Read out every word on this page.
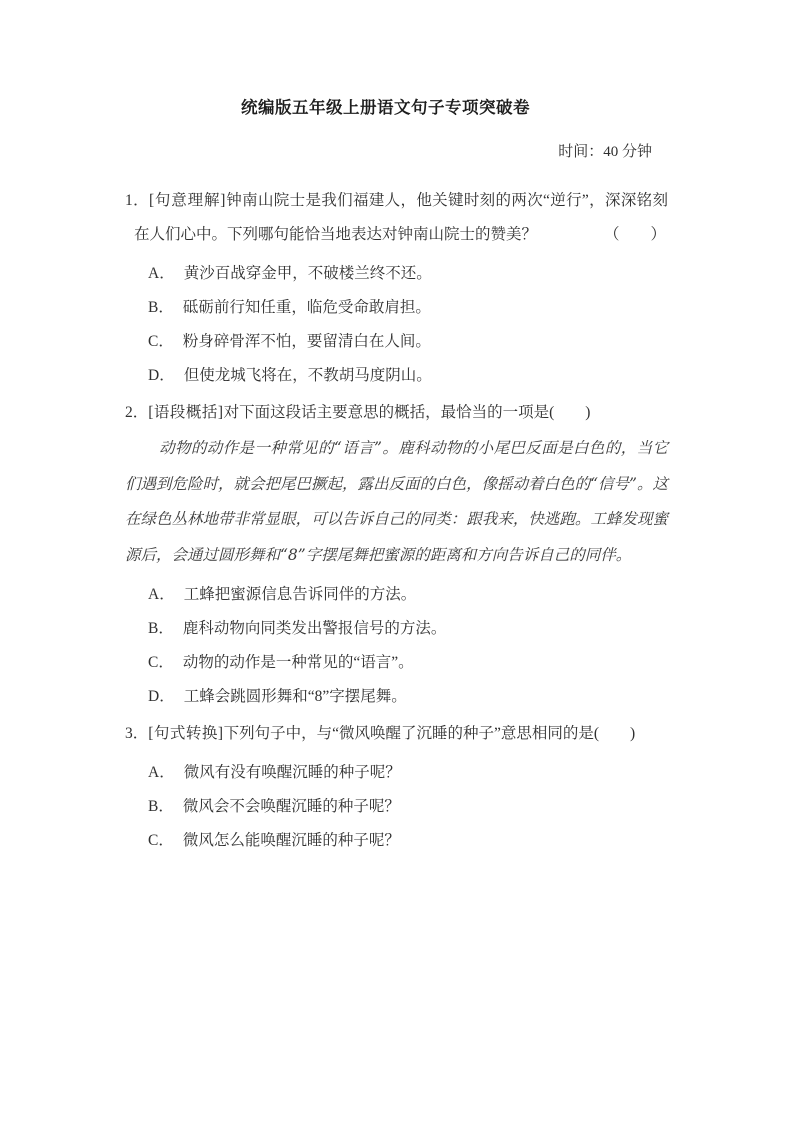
统编版五年级上册语文句子专项突破卷
时间：40 分钟

1．[句意理解]钟南山院士是我们福建人，他关键时刻的两次“逆行”，深深铭刻在人们心中。下列哪句能恰当地表达对钟南山院士的赞美？	（　　）

A． 黄沙百战穿金甲，不破楼兰终不还。
B． 砥砺前行知任重，临危受命敢肩担。
C． 粉身碎骨浑不怕，要留清白在人间。
D． 但使龙城飞将在，不教胡马度阴山。

2．[语段概括]对下面这段话主要意思的概括，最恰当的一项是(　　)

动物的动作是一种常见的“语言”。鹿科动物的小尾巴反面是白色的，当它们遇到危险时，就会把尾巴撅起，露出反面的白色，像摇动着白色的“信号”。这在绿色丛林地带非常显眼，可以告诉自己的同类：跟我来，快逃跑。工蜂发现蜜源后，会通过圆形舞和“8”字摆尾舞把蜜源的距离和方向告诉自己的同伴。

A． 工蜂把蜜源信息告诉同伴的方法。
B． 鹿科动物向同类发出警报信号的方法。
C． 动物的动作是一种常见的“语言”。
D． 工蜂会跳圆形舞和“8”字摆尾舞。

3．[句式转换]下列句子中，与“微风唤醒了沉睡的种子”意思相同的是(　　)

A． 微风有没有唤醒沉睡的种子呢？
B． 微风会不会唤醒沉睡的种子呢？
C． 微风怎么能唤醒沉睡的种子呢？
